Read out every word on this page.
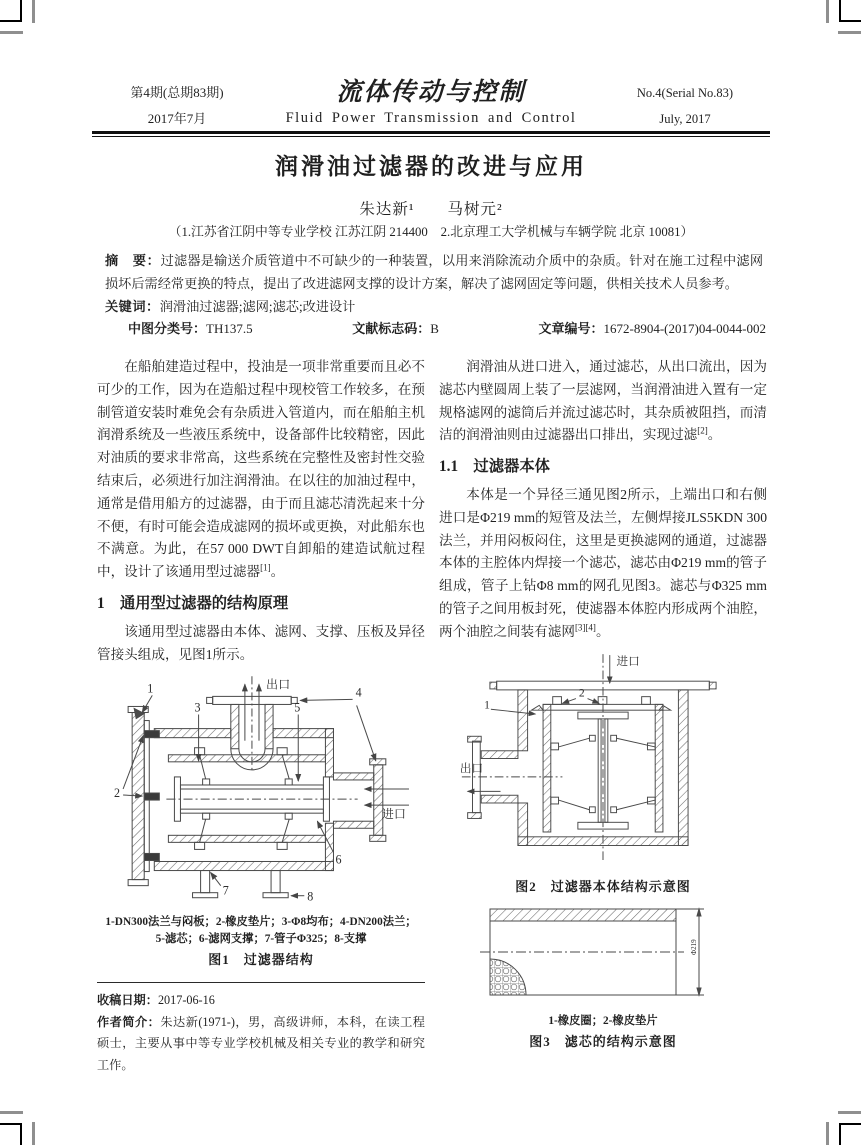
第4期(总期83期)
2017年7月
流体传动与控制
Fluid Power Transmission and Control
No.4(Serial No.83)
July, 2017
润滑油过滤器的改进与应用
朱达新¹　　马树元²
（1.江苏省江阴中等专业学校 江苏江阴 214400　2.北京理工大学机械与车辆学院 北京 10081）

摘　要：过滤器是输送介质管道中不可缺少的一种装置，以用来消除流动介质中的杂质。针对在施工过程中滤网损坏后需经常更换的特点，提出了改进滤网支撑的设计方案，解决了滤网固定等问题，供相关技术人员参考。

关键词：润滑油过滤器;滤网;滤芯;改进设计

中图分类号：TH137.5	文献标志码：B	文章编号：1672-8904-(2017)04-0044-002

在船舶建造过程中，投油是一项非常重要而且必不可少的工作，因为在造船过程中现校管工作较多，在预制管道安装时难免会有杂质进入管道内，而在船舶主机润滑系统及一些液压系统中，设备部件比较精密，因此对油质的要求非常高，这些系统在完整性及密封性交验结束后，必须进行加注润滑油。在以往的加油过程中，通常是借用船方的过滤器，由于而且滤芯清洗起来十分不便，有时可能会造成滤网的损坏或更换，对此船东也不满意。为此，在57 000 DWT自卸船的建造试航过程中，设计了该通用型过滤器[1]。

1 通用型过滤器的结构原理

该通用型过滤器由本体、滤网、支撑、压板及异径管接头组成，见图1所示。

出口
进口
1
2
3
4
5
6
7	8
1-DN300法兰与闷板；2-橡皮垫片；3-Φ8均布；4-DN200法兰；
5-滤芯；6-滤网支撑；7-管子Φ325；8-支撑
图1　过滤器结构
收稿日期：2017-06-16
作者简介：朱达新(1971-)，男，高级讲师，本科，在读工程硕士，主要从事中等专业学校机械及相关专业的教学和研究工作。

润滑油从进口进入，通过滤芯，从出口流出，因为滤芯内壁圆周上装了一层滤网，当润滑油进入置有一定规格滤网的滤筒后并流过滤芯时，其杂质被阻挡，而清洁的润滑油则由过滤器出口排出，实现过滤[2]。

1.1 过滤器本体

本体是一个异径三通见图2所示，上端出口和右侧进口是Φ219 mm的短管及法兰，左侧焊接JLS5KDN 300法兰，并用闷板闷住，这里是更换滤网的通道，过滤器本体的主腔体内焊接一个滤芯，滤芯由Φ219 mm的管子组成，管子上钻Φ8 mm的网孔见图3。滤芯与Φ325 mm的管子之间用板封死，使滤器本体腔内形成两个油腔，两个油腔之间装有滤网[3][4]。

进口
出口
1
2
图2　过滤器本体结构示意图
Φ219
1-橡皮圈；2-橡皮垫片
图3　滤芯的结构示意图
